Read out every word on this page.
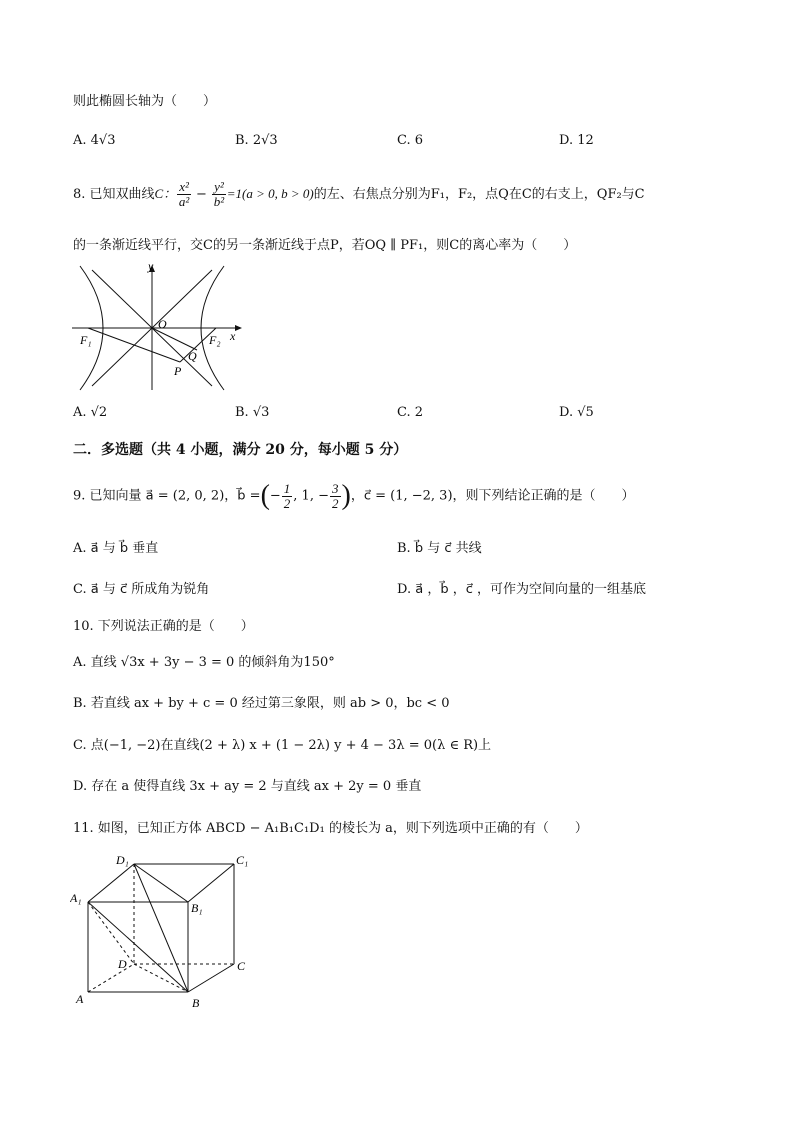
则此椭圆长轴为（　　）
A. 4√3	B. 2√3	C. 6	D. 12
8. 已知双曲线C： $\frac{\text{x²}}{\text{a²}} - \frac{\text{y²}}{\text{b²}} =1(a > 0$, b > 0)的左、右焦点分别为F₁，F₂，点Q在C的右支上，QF₂与C
的一条渐近线平行，交C的另一条渐近线于点P，若OQ ∥ PF₁，则C的离心率为（　　）
y
O
x
F₁	F₂
Q
P
A. √2	B. √3	C. 2	D. √5
二．多选题（共 4 小题，满分 20 分，每小题 5 分）
9. 已知向量 a⃗ = (2, 0, 2)，b⃗ =(− $\frac{1}{2}$ , 1, − $\frac{3}{2}$ )，c⃗ = (1, −2, 3)，则下列结论正确的是（　　）
A. a⃗ 与 b⃗ 垂直	B. b⃗ 与 c⃗ 共线
C. a⃗ 与 c⃗ 所成角为锐角	D. a⃗ ，b⃗ ，c⃗ ，可作为空间向量的一组基底
10. 下列说法正确的是（　　）
A. 直线 √3x + 3y − 3 = 0 的倾斜角为150°
B. 若直线 ax + by + c = 0 经过第三象限，则 ab > 0，bc < 0
C. 点(−1, −2)在直线(2 + λ) x + (1 − 2λ) y + 4 − 3λ = 0(λ ∈ R)上
D. 存在 a 使得直线 3x + ay = 2 与直线 ax + 2y = 0 垂直
11. 如图，已知正方体 ABCD − A₁B₁C₁D₁ 的棱长为 a，则下列选项中正确的有（　　）
D₁	C₁
A₁
B₁
D	C
A	B
